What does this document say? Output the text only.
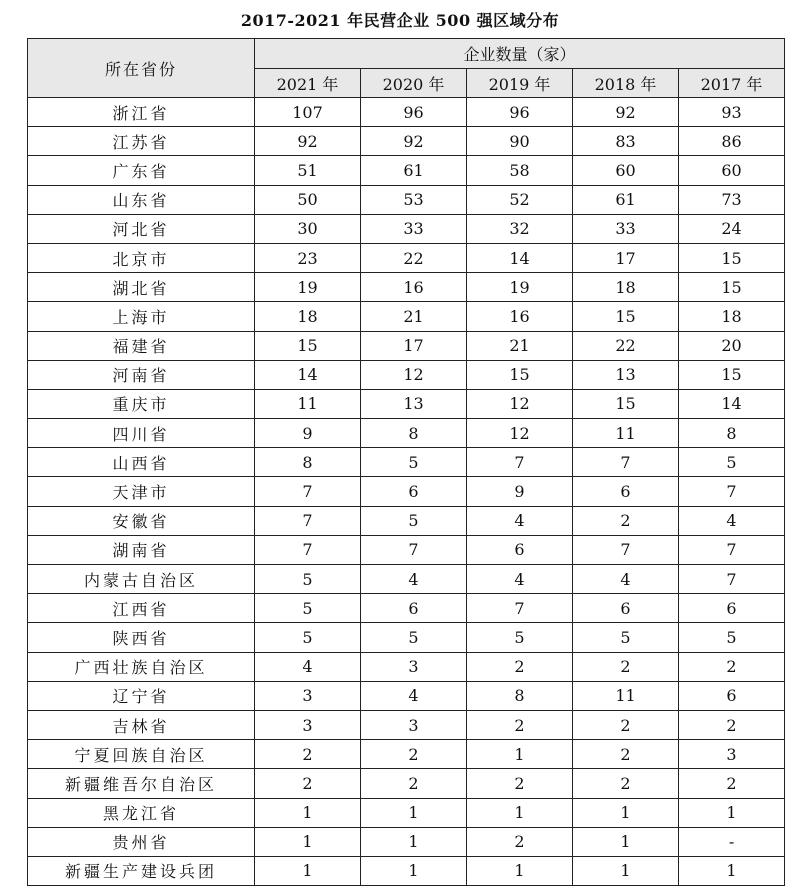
2017-2021 年民营企业 500 强区域分布
所在省份	企业数量（家）				
	2021 年	2020 年	2019 年	2018 年	2017 年
浙江省	107	96	96	92	93
江苏省	92	92	90	83	86
广东省	51	61	58	60	60
山东省	50	53	52	61	73
河北省	30	33	32	33	24
北京市	23	22	14	17	15
湖北省	19	16	19	18	15
上海市	18	21	16	15	18
福建省	15	17	21	22	20
河南省	14	12	15	13	15
重庆市	11	13	12	15	14
四川省	9	8	12	11	8
山西省	8	5	7	7	5
天津市	7	6	9	6	7
安徽省	7	5	4	2	4
湖南省	7	7	6	7	7
内蒙古自治区	5	4	4	4	7
江西省	5	6	7	6	6
陕西省	5	5	5	5	5
广西壮族自治区	4	3	2	2	2
辽宁省	3	4	8	11	6
吉林省	3	3	2	2	2
宁夏回族自治区	2	2	1	2	3
新疆维吾尔自治区	2	2	2	2	2
黑龙江省	1	1	1	1	1
贵州省	1	1	2	1	-
新疆生产建设兵团	1	1	1	1	1
